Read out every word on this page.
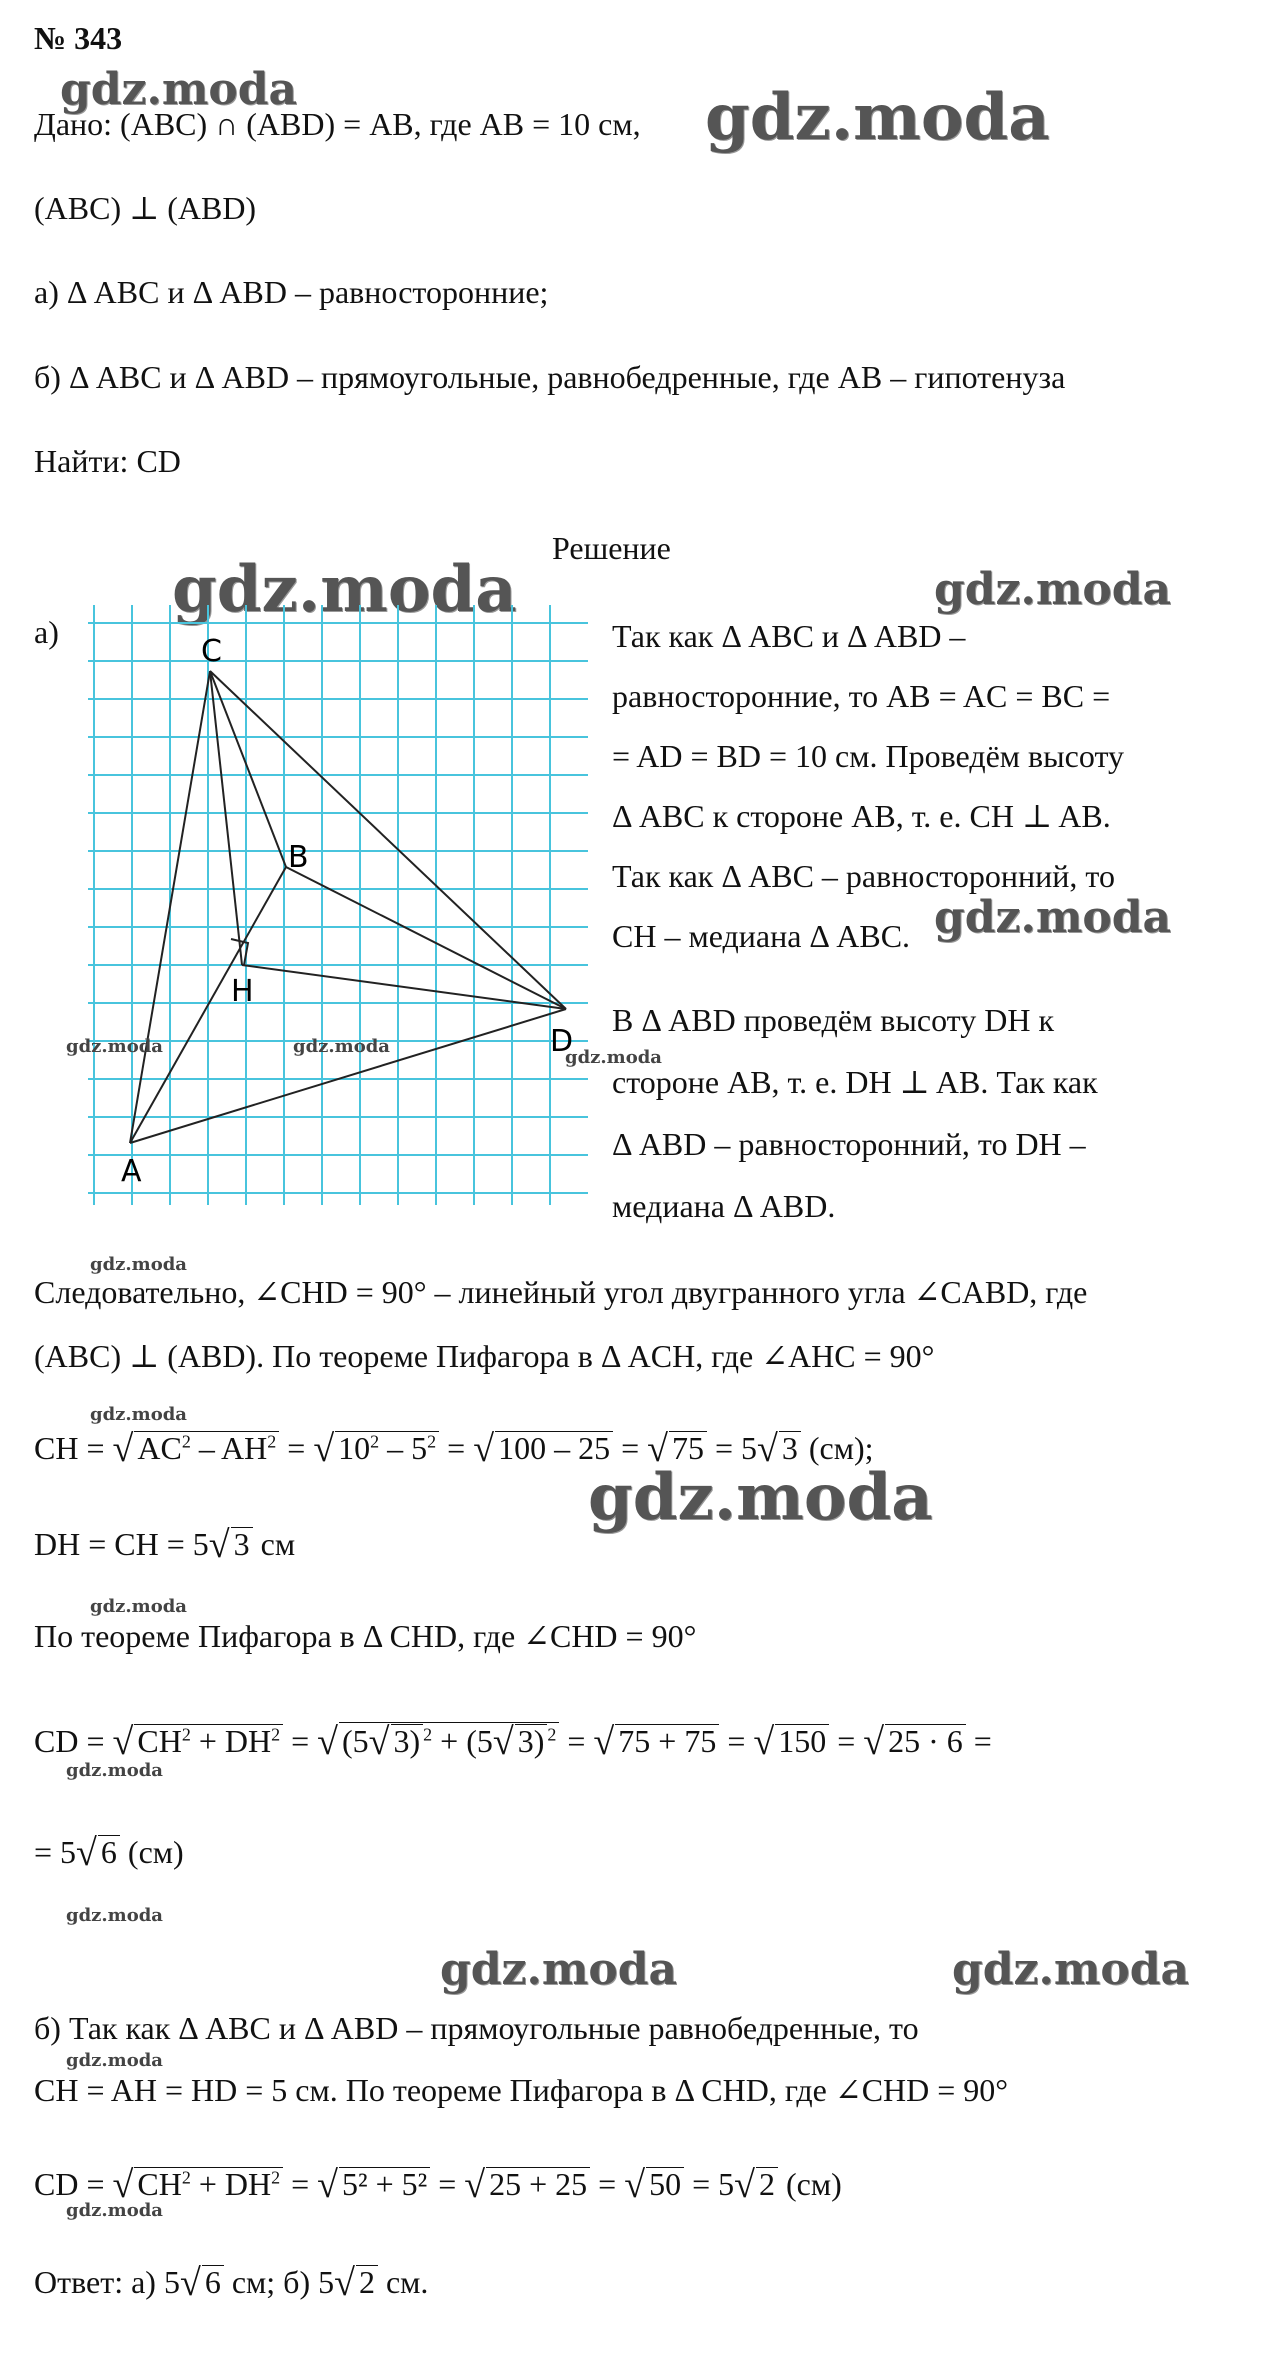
№ 343
gdz.moda	gdz.moda
Дано: (ABC) ∩ (ABD) = AB, где AB = 10 см,
(ABC) ⊥ (ABD)
а) Δ ABC и Δ ABD – равносторонние;
б) Δ ABC и Δ ABD – прямоугольные, равнобедренные, где AB – гипотенуза
Найти: CD
Решение
gdz.moda	gdz.moda
а)
C
B
H
D
A
gdz.moda	gdz.moda
gdz.moda
Так как Δ ABC и Δ ABD –
равносторонние, то AB = AC = BC =
= AD = BD = 10 см. Проведём высоту
Δ ABC к стороне AB, т. е. CH ⊥ AB.
Так как Δ ABC – равносторонний, то
CH – медиана Δ ABC. gdz.moda
В Δ ABD проведём высоту DH к
стороне AB, т. е. DH ⊥ AB. Так как
Δ ABD – равносторонний, то DH –
медиана Δ ABD.
gdz.moda
Следовательно, ∠CHD = 90° – линейный угол двугранного угла ∠CABD, где
(ABC) ⊥ (ABD). По теореме Пифагора в Δ ACH, где ∠AHC = 90°
gdz.moda
CH = √ $AC^2 - AH^2$ = √ $10^2 - 5^2$ = √ 100 – 25 = √ 75 = 5√ 3 (см);
gdz.moda
DH = CH = 5√ 3 см
gdz.moda
По теореме Пифагора в Δ CHD, где ∠CHD = 90°
CD = √ $CH^2 + DH^2$ = √ (5√ 3) $^2$ + (5√ 3) $^2$ = √ 75 + 75 = √ 150 = √ 25 · 6 =
gdz.moda
= 5√ 6 (см)
gdz.moda
gdz.moda	gdz.moda
б) Так как Δ ABC и Δ ABD – прямоугольные равнобедренные, то
gdz.moda
CH = AH = HD = 5 см. По теореме Пифагора в Δ CHD, где ∠CHD = 90°
CD = √ $CH^2 + DH^2$ = √ 5² + 5² = √ 25 + 25 = √ 50 = 5√ 2 (см)
gdz.moda
Ответ: а) 5√ 6 см; б) 5√ 2 см.
